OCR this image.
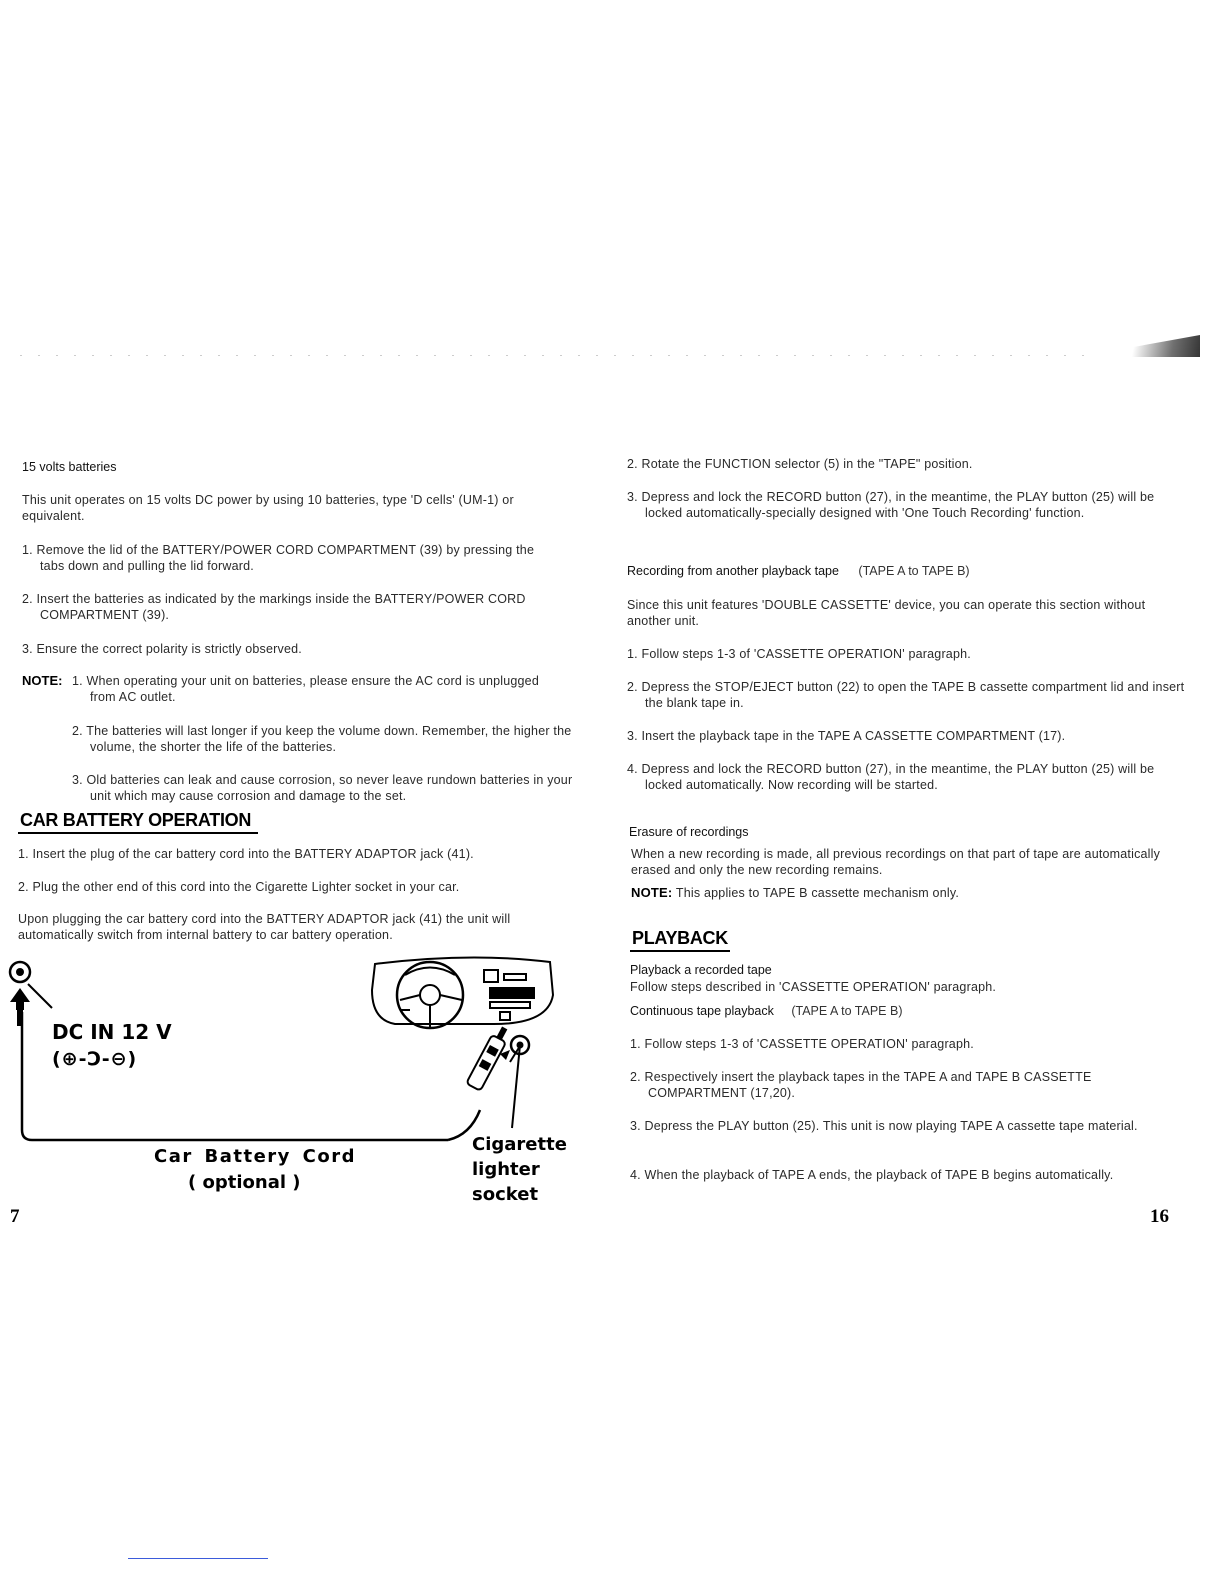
15 volts batteries
This unit operates on 15 volts DC power by using 10 batteries, type 'D cells' (UM-1) or equivalent.
1. Remove the lid of the BATTERY/POWER CORD COMPARTMENT (39) by pressing the tabs down and pulling the lid forward.
2. Insert the batteries as indicated by the markings inside the BATTERY/POWER CORD COMPARTMENT (39).
3. Ensure the correct polarity is strictly observed.
NOTE: 1. When operating your unit on batteries, please ensure the AC cord is unplugged from AC outlet.
2. The batteries will last longer if you keep the volume down. Remember, the higher the volume, the shorter the life of the batteries.
3. Old batteries can leak and cause corrosion, so never leave rundown batteries in your unit which may cause corrosion and damage to the set.
CAR BATTERY OPERATION
1. Insert the plug of the car battery cord into the BATTERY ADAPTOR jack (41).
2. Plug the other end of this cord into the Cigarette Lighter socket in your car.
Upon plugging the car battery cord into the BATTERY ADAPTOR jack (41) the unit will automatically switch from internal battery to car battery operation.
DC IN 12 V
(⊕-Ͻ-⊖)
Car Battery Cord
( optional )
Cigarette
lighter
socket
7
2. Rotate the FUNCTION selector (5) in the "TAPE" position.
3. Depress and lock the RECORD button (27), in the meantime, the PLAY button (25) will be locked automatically-specially designed with 'One Touch Recording' function.
Recording from another playback tape (TAPE A to TAPE B)
Since this unit features 'DOUBLE CASSETTE' device, you can operate this section without another unit.
1. Follow steps 1-3 of 'CASSETTE OPERATION' paragraph.
2. Depress the STOP/EJECT button (22) to open the TAPE B cassette compartment lid and insert the blank tape in.
3. Insert the playback tape in the TAPE A CASSETTE COMPARTMENT (17).
4. Depress and lock the RECORD button (27), in the meantime, the PLAY button (25) will be locked automatically. Now recording will be started.
Erasure of recordings
When a new recording is made, all previous recordings on that part of tape are automatically erased and only the new recording remains.
NOTE: This applies to TAPE B cassette mechanism only.
PLAYBACK
Playback a recorded tape
Follow steps described in 'CASSETTE OPERATION' paragraph.
Continuous tape playback (TAPE A to TAPE B)
1. Follow steps 1-3 of 'CASSETTE OPERATION' paragraph.
2. Respectively insert the playback tapes in the TAPE A and TAPE B CASSETTE COMPARTMENT (17,20).
3. Depress the PLAY button (25). This unit is now playing TAPE A cassette tape material.
4. When the playback of TAPE A ends, the playback of TAPE B begins automatically.
16
